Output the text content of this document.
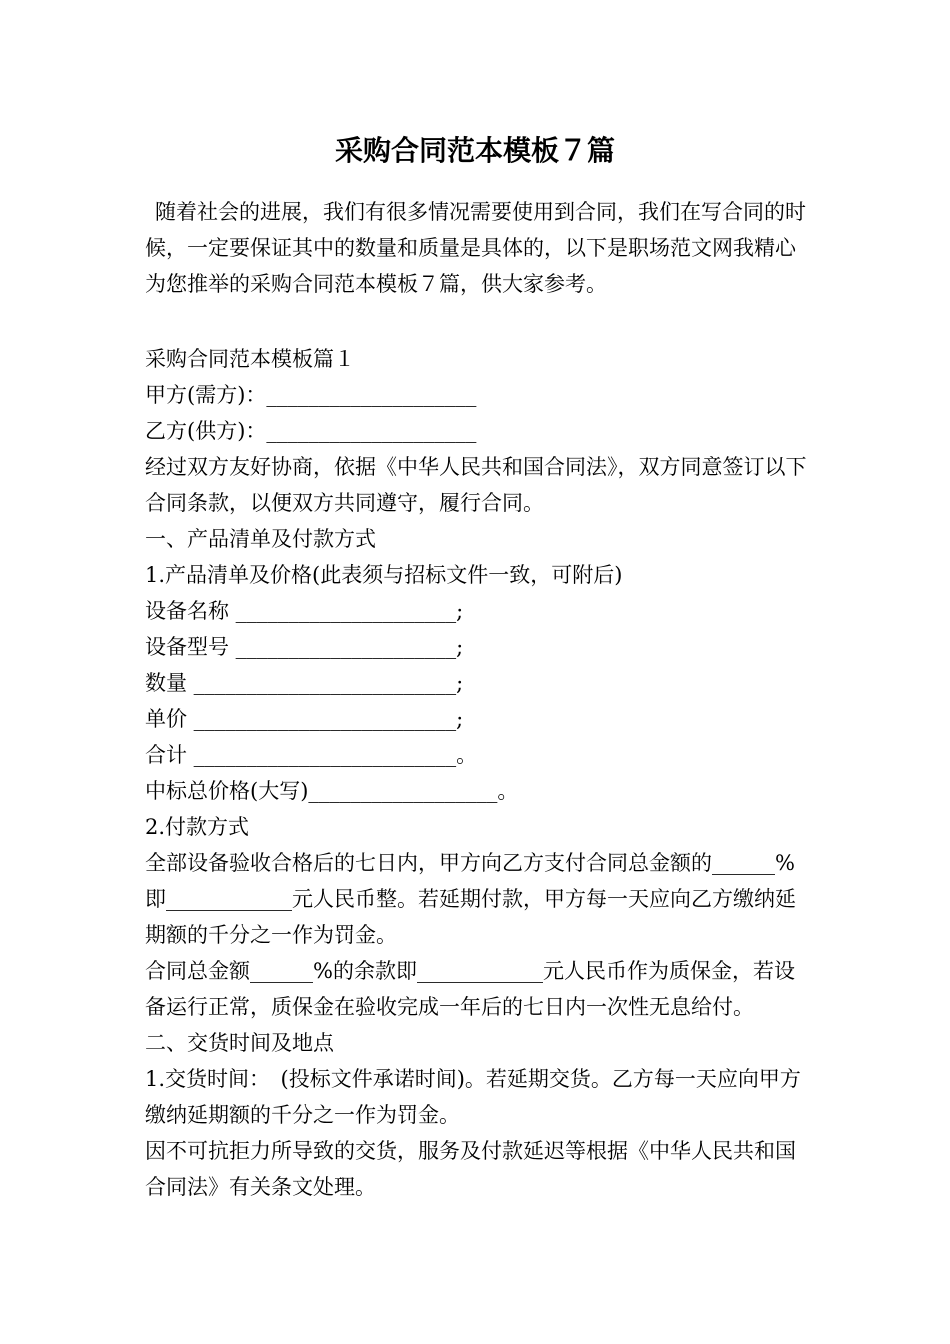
采购合同范本模板７篇

随着社会的进展，我们有很多情况需要使用到合同，我们在写合同的时候，一定要保证其中的数量和质量是具体的，以下是职场范文网我精心为您推举的采购合同范本模板７篇，供大家参考。

采购合同范本模板篇１
甲方(需方)：____________________
乙方(供方)：____________________
经过双方友好协商，依据《中华人民共和国合同法》，双方同意签订以下合同条款，以便双方共同遵守，履行合同。
一、产品清单及付款方式
1.产品清单及价格(此表须与招标文件一致，可附后)
设备名称 _____________________;
设备型号 _____________________;
数量 _________________________;
单价 _________________________;
合计 _________________________。
中标总价格(大写)__________________。
2.付款方式
全部设备验收合格后的七日内，甲方向乙方支付合同总金额的______%即____________元人民币整。若延期付款，甲方每一天应向乙方缴纳延期额的千分之一作为罚金。
合同总金额______%的余款即____________元人民币作为质保金，若设备运行正常，质保金在验收完成一年后的七日内一次性无息给付。
二、交货时间及地点
1.交货时间：　(投标文件承诺时间)。若延期交货。乙方每一天应向甲方缴纳延期额的千分之一作为罚金。
因不可抗拒力所导致的交货，服务及付款延迟等根据《中华人民共和国合同法》有关条文处理。
